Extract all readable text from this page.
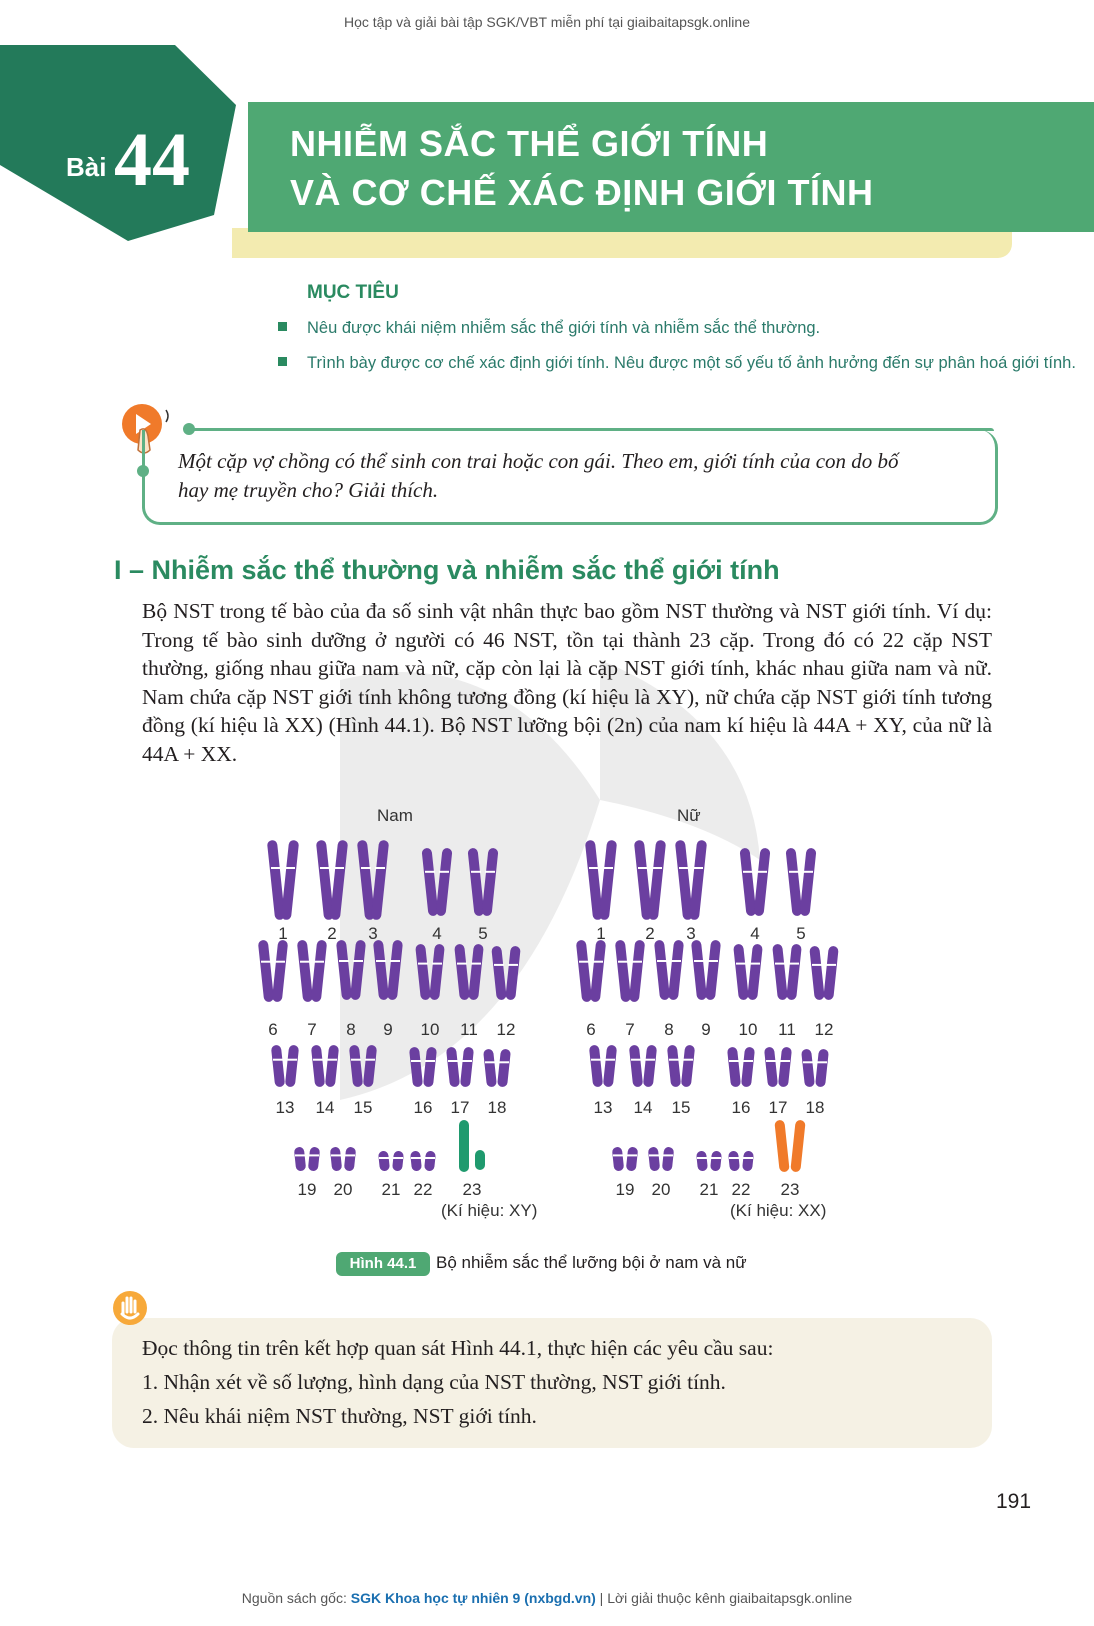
Học tập và giải bài tập SGK/VBT miễn phí tại giaibaitapsgk.online
Bài 44	NHIỄM SẮC THỂ GIỚI TÍNH
VÀ CƠ CHẾ XÁC ĐỊNH GIỚI TÍNH
MỤC TIÊU
Nêu được khái niệm nhiễm sắc thể giới tính và nhiễm sắc thể thường.
Trình bày được cơ chế xác định giới tính. Nêu được một số yếu tố ảnh hưởng đến sự phân hoá giới tính.
Một cặp vợ chồng có thể sinh con trai hoặc con gái. Theo em, giới tính của con do bố
hay mẹ truyền cho? Giải thích.
I – Nhiễm sắc thể thường và nhiễm sắc thể giới tính
Bộ NST trong tế bào của đa số sinh vật nhân thực bao gồm NST thường và NST giới tính. Ví dụ: Trong tế bào sinh dưỡng ở người có 46 NST, tồn tại thành 23 cặp. Trong đó có 22 cặp NST thường, giống nhau giữa nam và nữ, cặp còn lại là cặp NST giới tính, khác nhau giữa nam và nữ. Nam chứa cặp NST giới tính không tương đồng (kí hiệu là XY), nữ chứa cặp NST giới tính tương đồng (kí hiệu là XX) (Hình 44.1). Bộ NST lưỡng bội (2n) của nam kí hiệu là 44A + XY, của nữ là 44A + XX.
Nam	Nữ
1	2	3	4	5
6	7	8	9	10	11	12
13	14	15	16	17	18
19	20	21 22	23
1	2	3	4	5
6	7	8	9	10	11	12
13	14	15	16	17	18
19	20	21 22	23
(Kí hiệu: XY)	(Kí hiệu: XX)
Hình 44.1	Bộ nhiễm sắc thể lưỡng bội ở nam và nữ
Đọc thông tin trên kết hợp quan sát Hình 44.1, thực hiện các yêu cầu sau:
1. Nhận xét về số lượng, hình dạng của NST thường, NST giới tính.
2. Nêu khái niệm NST thường, NST giới tính.
191
Nguồn sách gốc: SGK Khoa học tự nhiên 9 (nxbgd.vn) | Lời giải thuộc kênh giaibaitapsgk.online
